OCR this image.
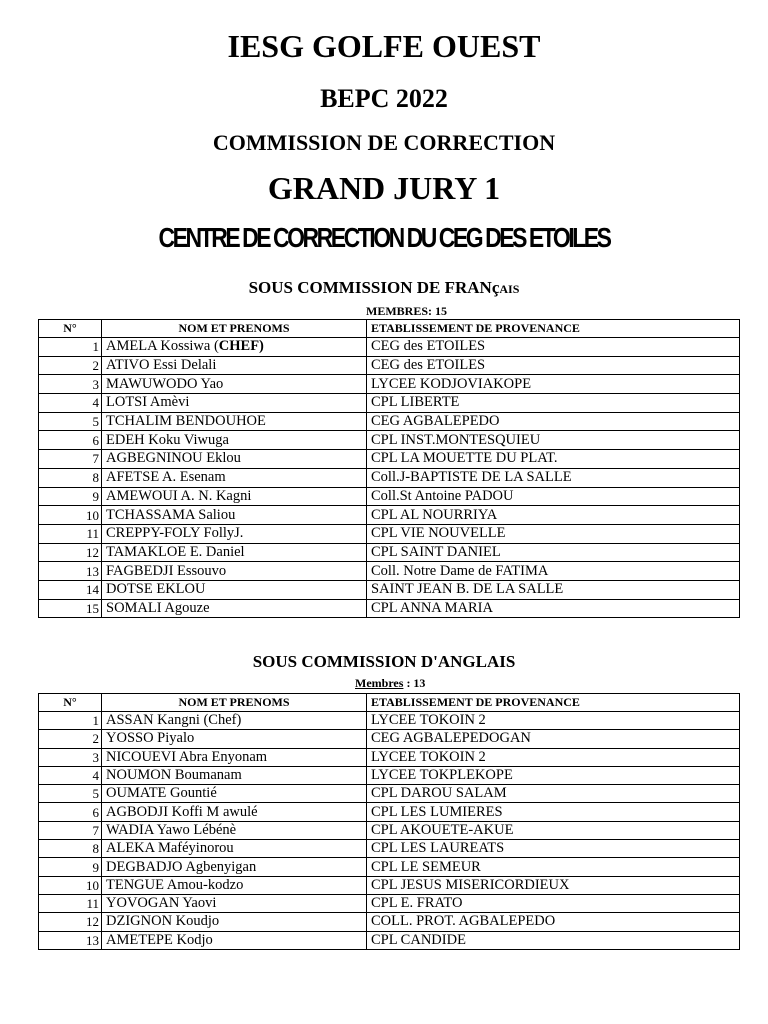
IESG GOLFE OUEST
BEPC 2022
COMMISSION DE CORRECTION
GRAND JURY 1
CENTRE DE CORRECTION DU CEG DES ETOILES
SOUS COMMISSION DE FRANçAIS
MEMBRES: 15
N°	NOM ET PRENOMS	ETABLISSEMENT DE PROVENANCE
1	AMELA Kossiwa (CHEF)	CEG des ETOILES
2	ATIVO Essi Delali	CEG des ETOILES
3	MAWUWODO Yao	LYCEE KODJOVIAKOPE
4	LOTSI Amèvi	CPL LIBERTE
5	TCHALIM BENDOUHOE	CEG AGBALEPEDO
6	EDEH Koku Viwuga	CPL INST.MONTESQUIEU
7	AGBEGNINOU Eklou	CPL LA MOUETTE DU PLAT.
8	AFETSE A. Esenam	Coll.J-BAPTISTE DE LA SALLE
9	AMEWOUI A. N. Kagni	Coll.St Antoine PADOU
10	TCHASSAMA Saliou	CPL AL NOURRIYA
11	CREPPY-FOLY FollyJ.	CPL VIE NOUVELLE
12	TAMAKLOE E. Daniel	CPL SAINT DANIEL
13	FAGBEDJI Essouvo	Coll. Notre Dame de FATIMA
14	DOTSE EKLOU	SAINT JEAN B. DE LA SALLE
15	SOMALI Agouze	CPL ANNA MARIA
SOUS COMMISSION D'ANGLAIS
Membres : 13
N°	NOM ET PRENOMS	ETABLISSEMENT DE PROVENANCE
1	ASSAN Kangni (Chef)	LYCEE TOKOIN 2
2	YOSSO Piyalo	CEG AGBALEPEDOGAN
3	NICOUEVI Abra Enyonam	LYCEE TOKOIN 2
4	NOUMON Boumanam	LYCEE TOKPLEKOPE
5	OUMATE Gountié	CPL DAROU SALAM
6	AGBODJI Koffi M awulé	CPL LES LUMIERES
7	WADIA Yawo Lébénè	CPL AKOUETE-AKUE
8	ALEKA Maféyinorou	CPL LES LAUREATS
9	DEGBADJO Agbenyigan	CPL LE SEMEUR
10	TENGUE Amou-kodzo	CPL JESUS MISERICORDIEUX
11	YOVOGAN Yaovi	CPL E. FRATO
12	DZIGNON Koudjo	COLL. PROT. AGBALEPEDO
13	AMETEPE Kodjo	CPL CANDIDE
